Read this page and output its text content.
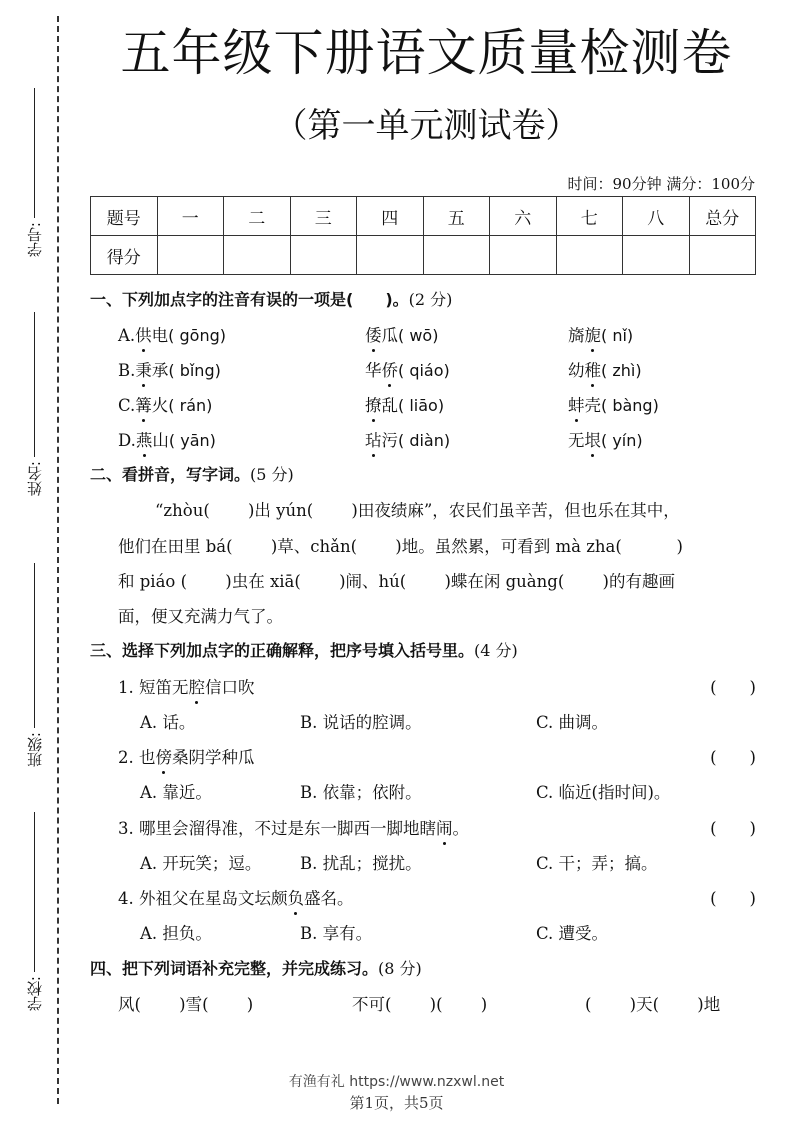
学号:
姓名:
班级:
学校:
五年级下册语文质量检测卷
（第一单元测试卷）
时间：90分钟 满分：100分
题号	一	二	三	四	五	六	七	八	总分
得分									
一、下列加点字的注音有误的一项是(　　)。(2 分)
A.供电( gōng)	倭瓜( wō)	旖旎( nǐ)
B.秉承( bǐng)	华侨( qiáo)	幼稚( zhì)
C.篝火( rán)	撩乱( liāo)	蚌壳( bàng)
D.燕山( yān)	玷污( diàn)	无垠( yín)
二、看拼音，写字词。(5 分)
“zhòu(　　 )出 yún(　　 )田夜绩麻”，农民们虽辛苦，但也乐在其中，
他们在田里 bá(　　 )草、chǎn(　　 )地。虽然累，可看到 mà zha(　　　 )
和 piáo (　　 )虫在 xiā(　　 )闹、hú(　　 )蝶在闲 guàng(　　 )的有趣画
面，便又充满力气了。
三、选择下列加点字的正确解释，把序号填入括号里。(4 分)
1. 短笛无腔信口吹	(　　)
A. 话。	B. 说话的腔调。	C. 曲调。
2. 也傍桑阴学种瓜	(　　)
A. 靠近。	B. 依靠；依附。	C. 临近(指时间)。
3. 哪里会溜得准，不过是东一脚西一脚地瞎闹。	(　　)
A. 开玩笑；逗。 B. 扰乱；搅扰。	C. 干；弄；搞。
4. 外祖父在星岛文坛颇负盛名。	(　　)
A. 担负。	B. 享有。	C. 遭受。
四、把下列词语补充完整，并完成练习。(8 分)
风(　　 )雪(　　 )	不可(　　 )(　　 )	(　　 )天(　　 )地
有渔有礼 https://www.nzxwl.net
第1页，共5页
